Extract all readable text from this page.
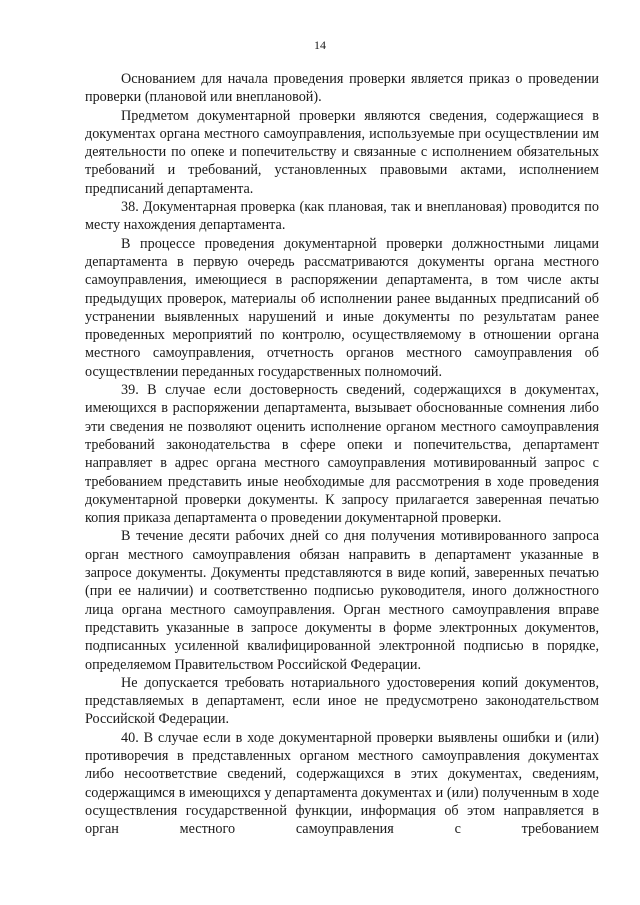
14

Основанием для начала проведения проверки является приказ о проведении проверки (плановой или внеплановой).

Предметом документарной проверки являются сведения, содержащиеся в документах органа местного самоуправления, используемые при осуществлении им деятельности по опеке и попечительству и связанные с исполнением обязательных требований и требований, установленных правовыми актами, исполнением предписаний департамента.

38. Документарная проверка (как плановая, так и внеплановая) проводится по месту нахождения департамента.

В процессе проведения документарной проверки должностными лицами департамента в первую очередь рассматриваются документы органа местного самоуправления, имеющиеся в распоряжении департамента, в том числе акты предыдущих проверок, материалы об исполнении ранее выданных предписаний об устранении выявленных нарушений и иные документы по результатам ранее проведенных мероприятий по контролю, осуществляемому в отношении органа местного самоуправления, отчетность органов местного самоуправления об осуществлении переданных государственных полномочий.

39. В случае если достоверность сведений, содержащихся в документах, имеющихся в распоряжении департамента, вызывает обоснованные сомнения либо эти сведения не позволяют оценить исполнение органом местного самоуправления требований законодательства в сфере опеки и попечительства, департамент направляет в адрес органа местного самоуправления мотивированный запрос с требованием представить иные необходимые для рассмотрения в ходе проведения документарной проверки документы. К запросу прилагается заверенная печатью копия приказа департамента о проведении документарной проверки.

В течение десяти рабочих дней со дня получения мотивированного запроса орган местного самоуправления обязан направить в департамент указанные в запросе документы. Документы представляются в виде копий, заверенных печатью (при ее наличии) и соответственно подписью руководителя, иного должностного лица органа местного самоуправления. Орган местного самоуправления вправе представить указанные в запросе документы в форме электронных документов, подписанных усиленной квалифицированной электронной подписью в порядке, определяемом Правительством Российской Федерации.

Не допускается требовать нотариального удостоверения копий документов, представляемых в департамент, если иное не предусмотрено законодательством Российской Федерации.

40. В случае если в ходе документарной проверки выявлены ошибки и (или) противоречия в представленных органом местного самоуправления документах либо несоответствие сведений, содержащихся в этих документах, сведениям, содержащимся в имеющихся у департамента документах и (или) полученным в ходе осуществления государственной функции, информация об этом направляется в орган местного самоуправления с требованием
